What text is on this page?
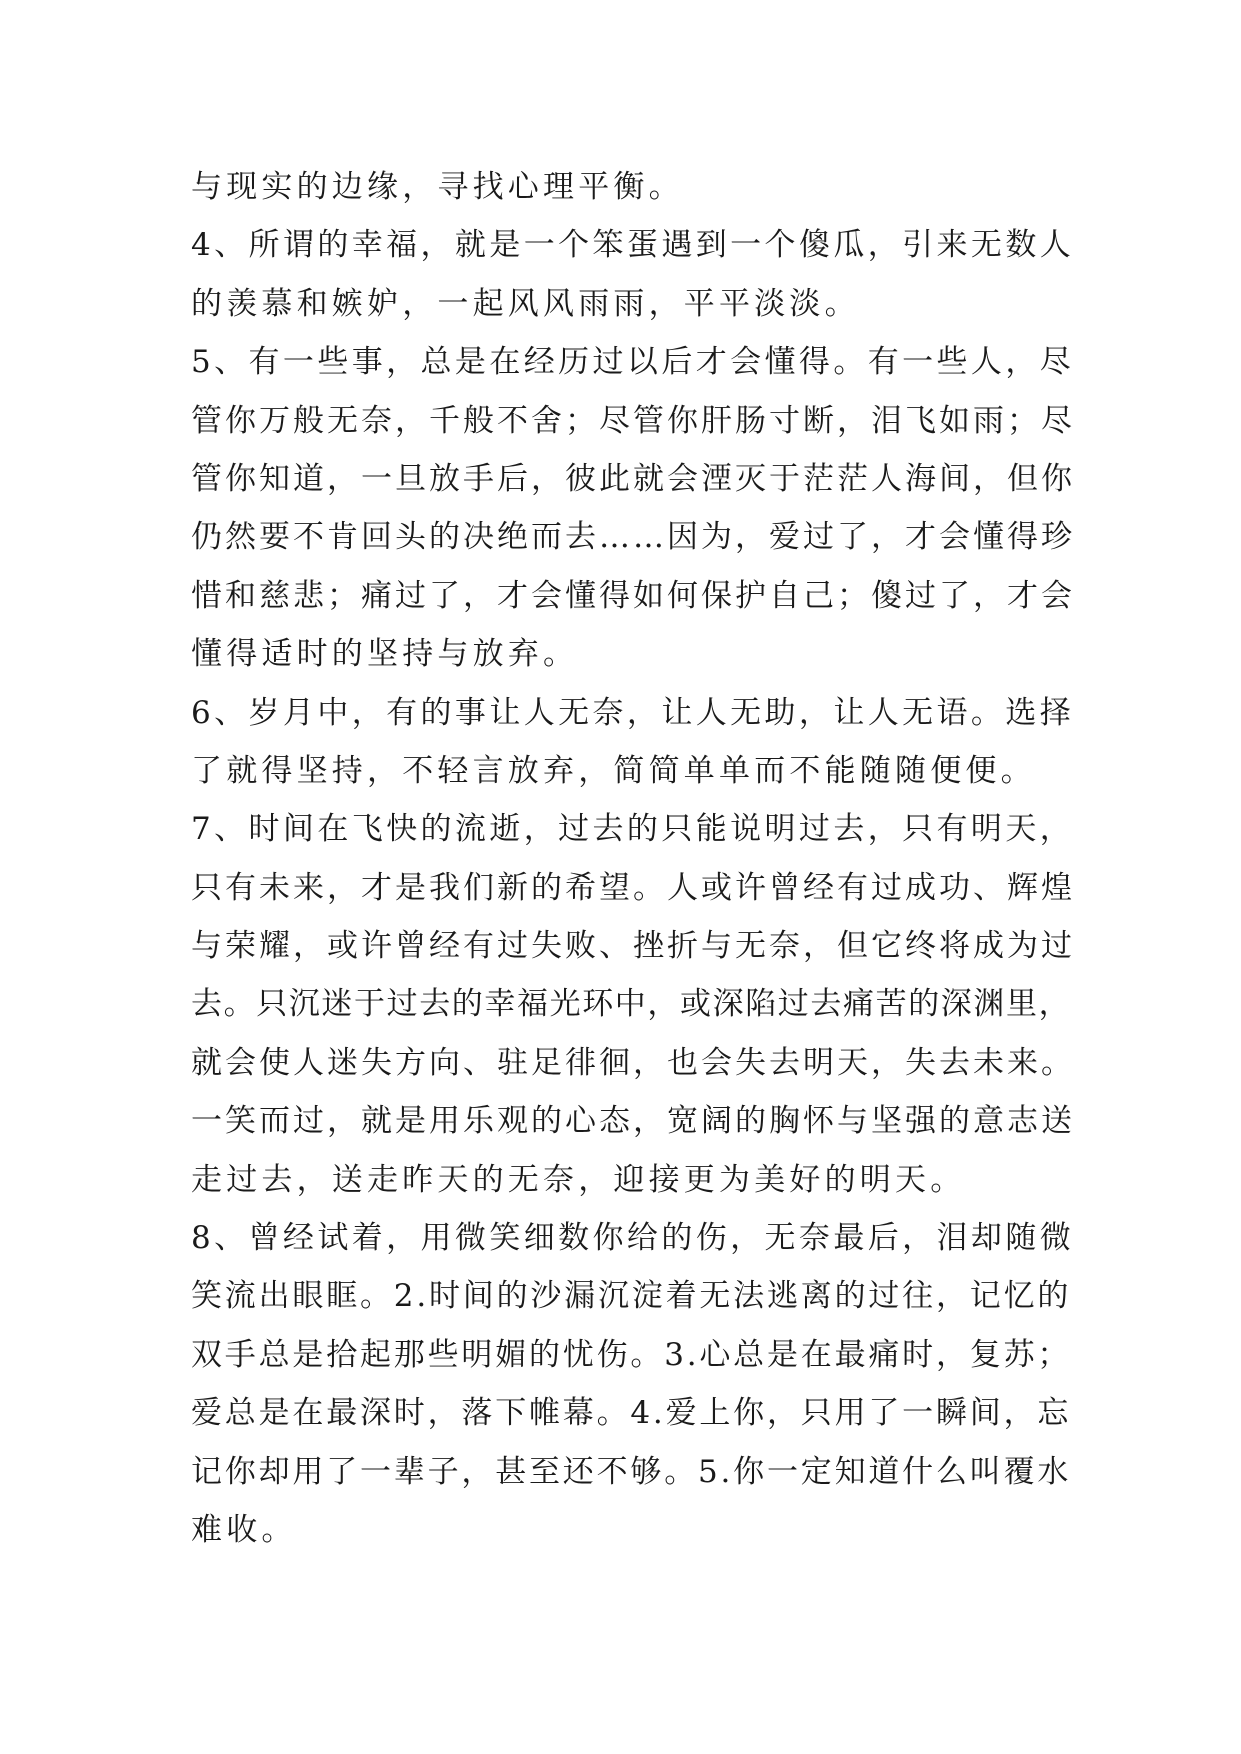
与现实的边缘，寻找心理平衡。
4、所谓的幸福，就是一个笨蛋遇到一个傻瓜，引来无数人
的羡慕和嫉妒，一起风风雨雨，平平淡淡。
5、有一些事，总是在经历过以后才会懂得。有一些人，尽
管你万般无奈，千般不舍；尽管你肝肠寸断，泪飞如雨；尽
管你知道，一旦放手后，彼此就会湮灭于茫茫人海间，但你
仍然要不肯回头的决绝而去……因为，爱过了，才会懂得珍
惜和慈悲；痛过了，才会懂得如何保护自己；傻过了，才会
懂得适时的坚持与放弃。
6、岁月中，有的事让人无奈，让人无助，让人无语。选择
了就得坚持，不轻言放弃，简简单单而不能随随便便。
7、时间在飞快的流逝，过去的只能说明过去，只有明天，
只有未来，才是我们新的希望。人或许曾经有过成功、辉煌
与荣耀，或许曾经有过失败、挫折与无奈，但它终将成为过
去。只沉迷于过去的幸福光环中，或深陷过去痛苦的深渊里，
就会使人迷失方向、驻足徘徊，也会失去明天，失去未来。
一笑而过，就是用乐观的心态，宽阔的胸怀与坚强的意志送
走过去，送走昨天的无奈，迎接更为美好的明天。
8、曾经试着，用微笑细数你给的伤，无奈最后，泪却随微
笑流出眼眶。2.时间的沙漏沉淀着无法逃离的过往，记忆的
双手总是拾起那些明媚的忧伤。3.心总是在最痛时，复苏；
爱总是在最深时，落下帷幕。4.爱上你，只用了一瞬间，忘
记你却用了一辈子，甚至还不够。5.你一定知道什么叫覆水
难收。
